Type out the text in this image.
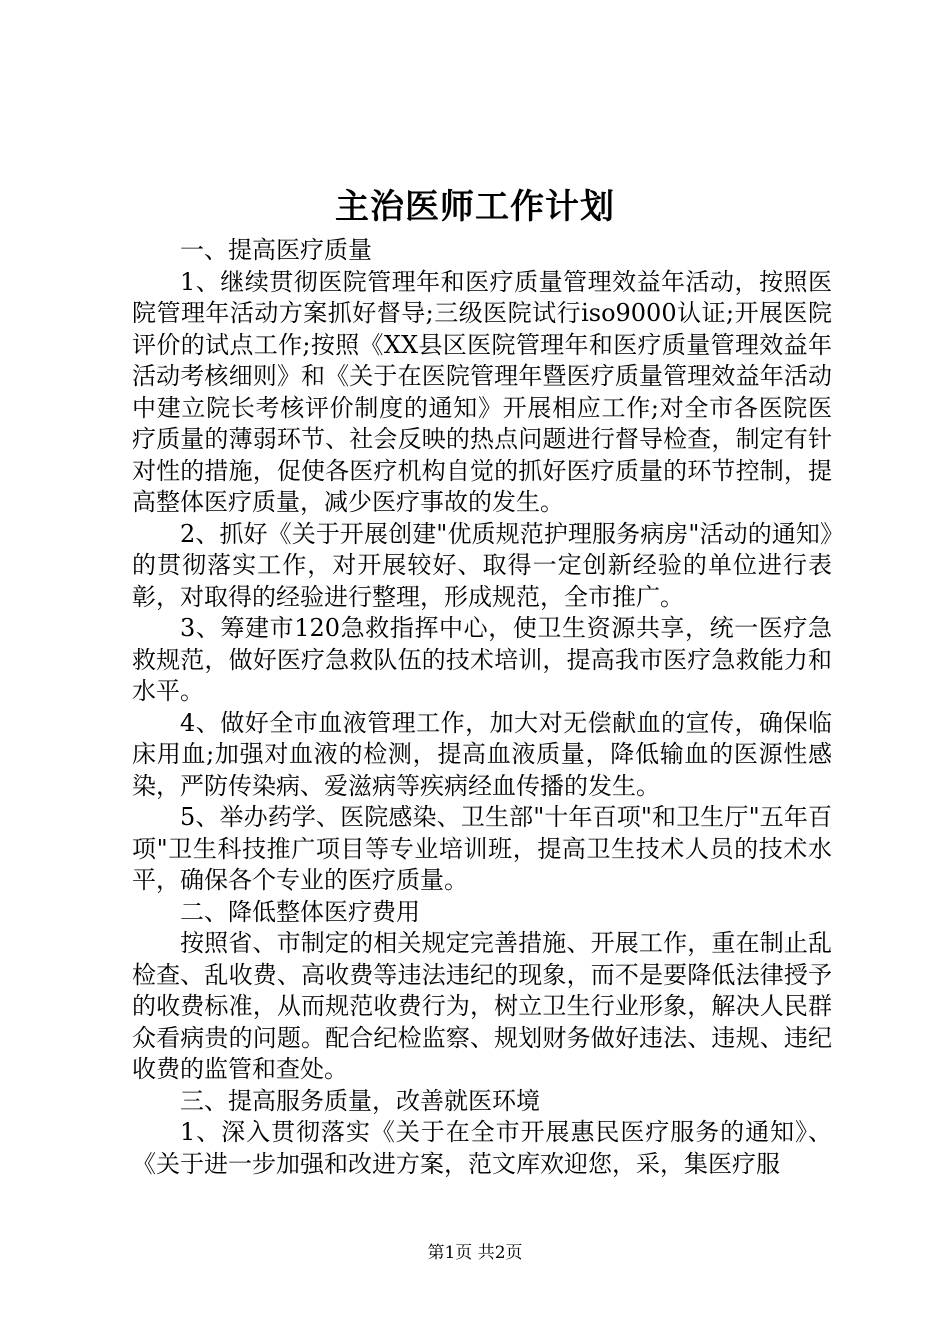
主治医师工作计划

一、提高医疗质量

1、继续贯彻医院管理年和医疗质量管理效益年活动，按照医院管理年活动方案抓好督导;三级医院试行iso9000认证;开展医院评价的试点工作;按照《XX县区医院管理年和医疗质量管理效益年活动考核细则》和《关于在医院管理年暨医疗质量管理效益年活动中建立院长考核评价制度的通知》开展相应工作;对全市各医院医疗质量的薄弱环节、社会反映的热点问题进行督导检查，制定有针对性的措施，促使各医疗机构自觉的抓好医疗质量的环节控制，提高整体医疗质量，减少医疗事故的发生。

2、抓好《关于开展创建"优质规范护理服务病房"活动的通知》的贯彻落实工作，对开展较好、取得一定创新经验的单位进行表彰，对取得的经验进行整理，形成规范，全市推广。

3、筹建市120急救指挥中心，使卫生资源共享，统一医疗急救规范，做好医疗急救队伍的技术培训，提高我市医疗急救能力和水平。

4、做好全市血液管理工作，加大对无偿献血的宣传，确保临床用血;加强对血液的检测，提高血液质量，降低输血的医源性感染，严防传染病、爱滋病等疾病经血传播的发生。

5、举办药学、医院感染、卫生部"十年百项"和卫生厅"五年百项"卫生科技推广项目等专业培训班，提高卫生技术人员的技术水平，确保各个专业的医疗质量。

二、降低整体医疗费用

按照省、市制定的相关规定完善措施、开展工作，重在制止乱检查、乱收费、高收费等违法违纪的现象，而不是要降低法律授予的收费标准，从而规范收费行为，树立卫生行业形象，解决人民群众看病贵的问题。配合纪检监察、规划财务做好违法、违规、违纪收费的监管和查处。

三、提高服务质量，改善就医环境

1、深入贯彻落实《关于在全市开展惠民医疗服务的通知》、《关于进一步加强和改进方案，范文库欢迎您，采，集医疗服

第1页 共2页
